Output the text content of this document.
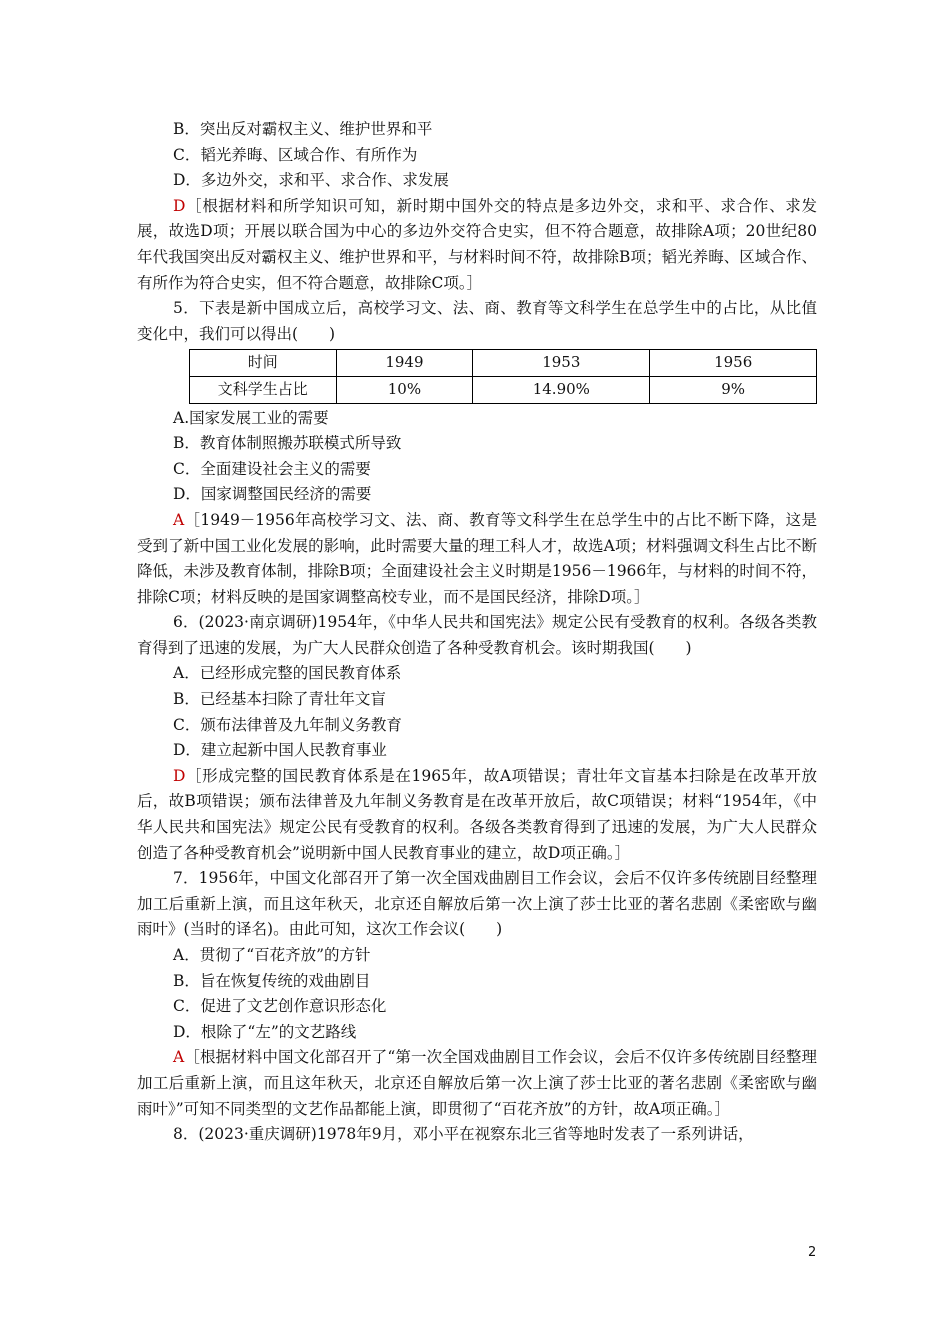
B．突出反对霸权主义、维护世界和平
C．韬光养晦、区域合作、有所作为
D．多边外交，求和平、求合作、求发展
D［根据材料和所学知识可知，新时期中国外交的特点是多边外交，求和平、求合作、求发展，故选D项；开展以联合国为中心的多边外交符合史实，但不符合题意，故排除A项；20世纪80年代我国突出反对霸权主义、维护世界和平，与材料时间不符，故排除B项；韬光养晦、区域合作、有所作为符合史实，但不符合题意，故排除C项。］
5．下表是新中国成立后，高校学习文、法、商、教育等文科学生在总学生中的占比，从比值变化中，我们可以得出(　　)
时间	1949	1953	1956
文科学生占比	10%	14.90%	9%
A.国家发展工业的需要
B．教育体制照搬苏联模式所导致
C．全面建设社会主义的需要
D．国家调整国民经济的需要
A［1949－1956年高校学习文、法、商、教育等文科学生在总学生中的占比不断下降，这是受到了新中国工业化发展的影响，此时需要大量的理工科人才，故选A项；材料强调文科生占比不断降低，未涉及教育体制，排除B项；全面建设社会主义时期是1956－1966年，与材料的时间不符，排除C项；材料反映的是国家调整高校专业，而不是国民经济，排除D项。］
6．(2023·南京调研)1954年，《中华人民共和国宪法》规定公民有受教育的权利。各级各类教育得到了迅速的发展，为广大人民群众创造了各种受教育机会。该时期我国(　　)
A．已经形成完整的国民教育体系
B．已经基本扫除了青壮年文盲
C．颁布法律普及九年制义务教育
D．建立起新中国人民教育事业
D［形成完整的国民教育体系是在1965年，故A项错误；青壮年文盲基本扫除是在改革开放后，故B项错误；颁布法律普及九年制义务教育是在改革开放后，故C项错误；材料“1954年，《中华人民共和国宪法》规定公民有受教育的权利。各级各类教育得到了迅速的发展，为广大人民群众创造了各种受教育机会”说明新中国人民教育事业的建立，故D项正确。］
7．1956年，中国文化部召开了第一次全国戏曲剧目工作会议，会后不仅许多传统剧目经整理加工后重新上演，而且这年秋天，北京还自解放后第一次上演了莎士比亚的著名悲剧《柔密欧与幽雨叶》(当时的译名)。由此可知，这次工作会议(　　)
A．贯彻了“百花齐放”的方针
B．旨在恢复传统的戏曲剧目
C．促进了文艺创作意识形态化
D．根除了“左”的文艺路线
A［根据材料中国文化部召开了“第一次全国戏曲剧目工作会议，会后不仅许多传统剧目经整理加工后重新上演，而且这年秋天，北京还自解放后第一次上演了莎士比亚的著名悲剧《柔密欧与幽雨叶》”可知不同类型的文艺作品都能上演，即贯彻了“百花齐放”的方针，故A项正确。］
8．(2023·重庆调研)1978年9月，邓小平在视察东北三省等地时发表了一系列讲话，
2
